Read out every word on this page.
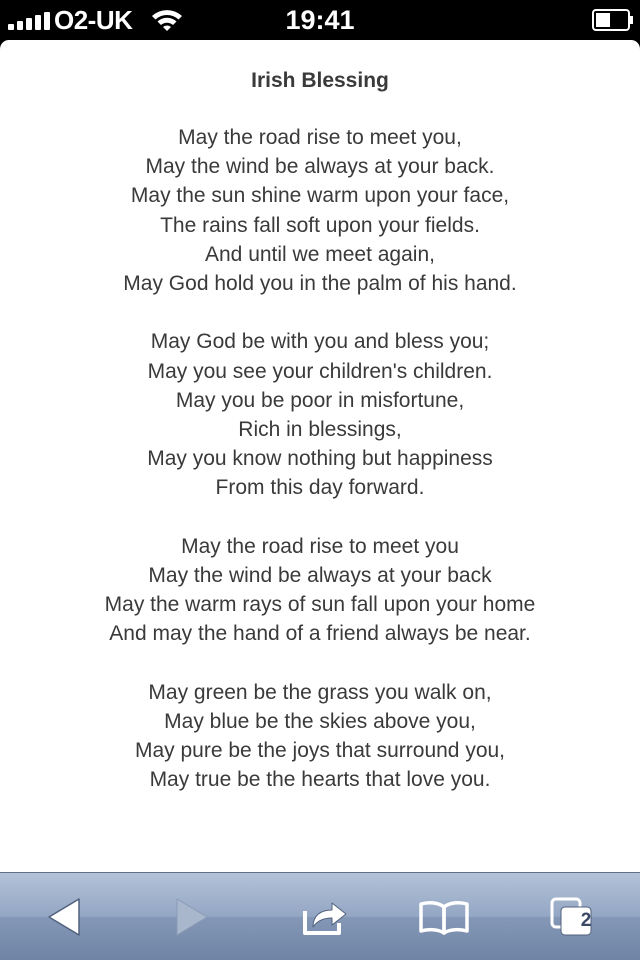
O2-UK	19:41
Irish Blessing
May the road rise to meet you,
May the wind be always at your back.
May the sun shine warm upon your face,
The rains fall soft upon your fields.
And until we meet again,
May God hold you in the palm of his hand.
May God be with you and bless you;
May you see your children's children.
May you be poor in misfortune,
Rich in blessings,
May you know nothing but happiness
From this day forward.
May the road rise to meet you
May the wind be always at your back
May the warm rays of sun fall upon your home
And may the hand of a friend always be near.
May green be the grass you walk on,
May blue be the skies above you,
May pure be the joys that surround you,
May true be the hearts that love you.
2
